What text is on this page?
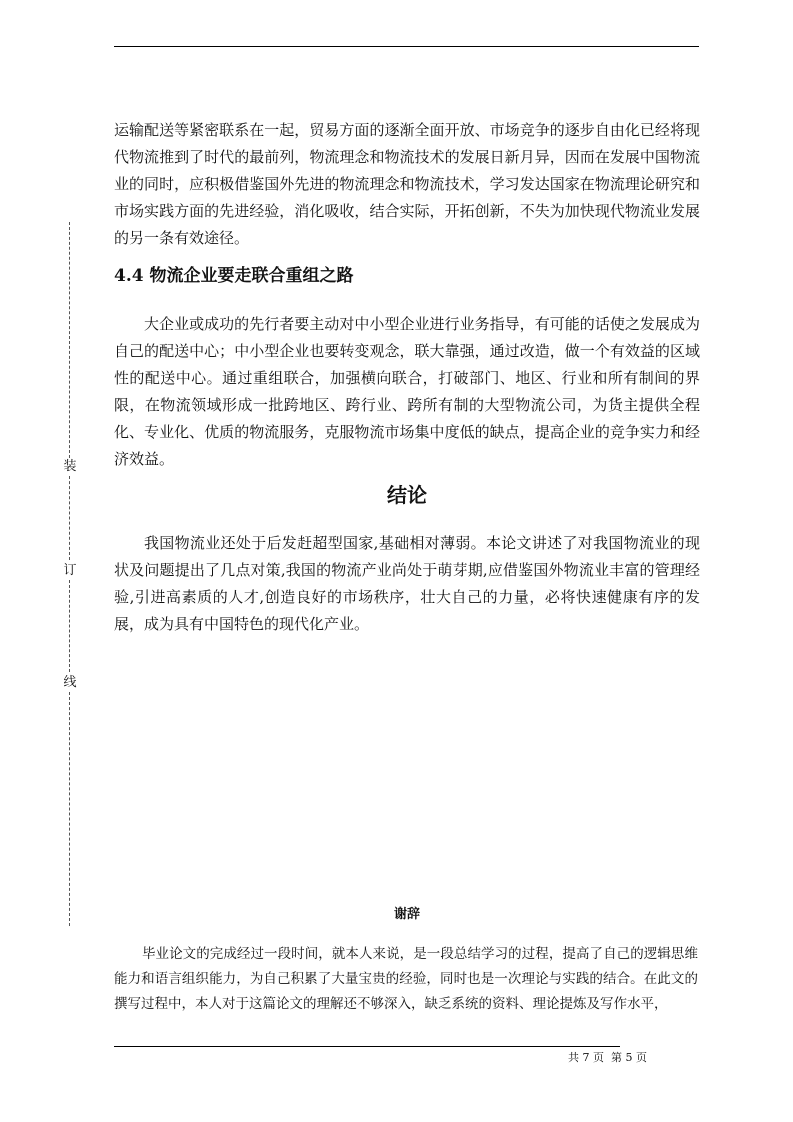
装
订
线

运输配送等紧密联系在一起，贸易方面的逐渐全面开放、市场竞争的逐步自由化已经将现代物流推到了时代的最前列，物流理念和物流技术的发展日新月异，因而在发展中国物流业的同时，应积极借鉴国外先进的物流理念和物流技术，学习发达国家在物流理论研究和市场实践方面的先进经验，消化吸收，结合实际，开拓创新，不失为加快现代物流业发展的另一条有效途径。

4.4 物流企业要走联合重组之路

大企业或成功的先行者要主动对中小型企业进行业务指导，有可能的话使之发展成为自己的配送中心；中小型企业也要转变观念，联大靠强，通过改造，做一个有效益的区域性的配送中心。通过重组联合，加强横向联合，打破部门、地区、行业和所有制间的界限，在物流领域形成一批跨地区、跨行业、跨所有制的大型物流公司，为货主提供全程化、专业化、优质的物流服务，克服物流市场集中度低的缺点，提高企业的竞争实力和经济效益。

结论

我国物流业还处于后发赶超型国家,基础相对薄弱。本论文讲述了对我国物流业的现状及问题提出了几点对策,我国的物流产业尚处于萌芽期,应借鉴国外物流业丰富的管理经验,引进高素质的人才,创造良好的市场秩序，壮大自己的力量，必将快速健康有序的发展，成为具有中国特色的现代化产业。

谢辞

毕业论文的完成经过一段时间，就本人来说，是一段总结学习的过程，提高了自己的逻辑思维能力和语言组织能力，为自己积累了大量宝贵的经验，同时也是一次理论与实践的结合。在此文的撰写过程中，本人对于这篇论文的理解还不够深入，缺乏系统的资料、理论提炼及写作水平，

共 7 页  第 5 页
